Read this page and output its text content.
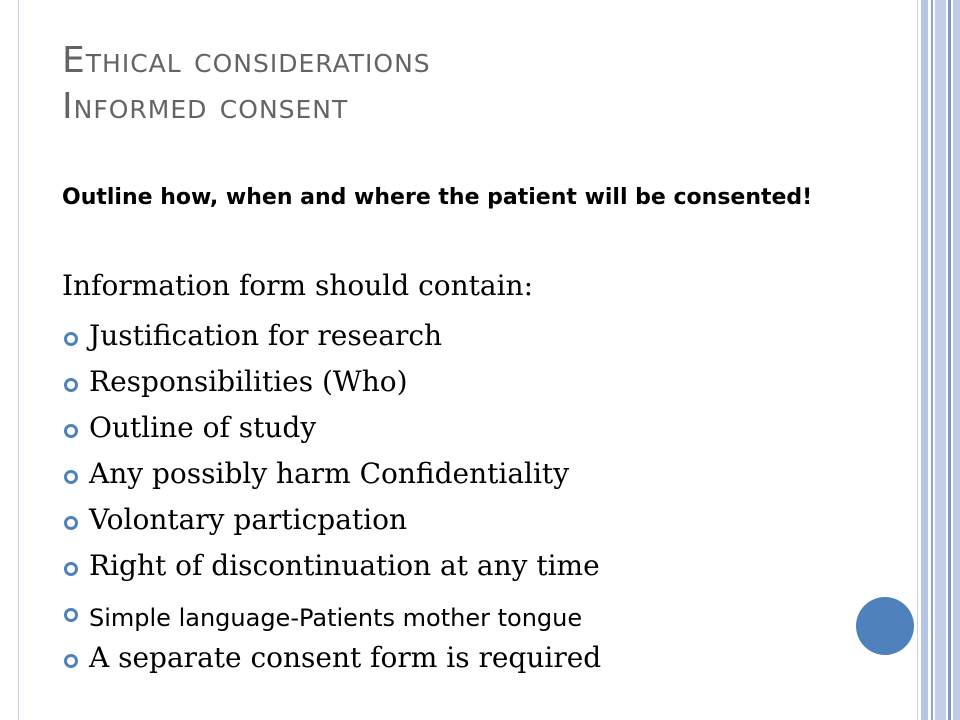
Ethical considerations
Informed consent
Outline how, when and where the patient will be consented!
Information form should contain:
Justification for research
Responsibilities (Who)
Outline of study
Any possibly harm Confidentiality
Volontary particpation
Right of discontinuation at any time
Simple language-Patients mother tongue
A separate consent form is required
